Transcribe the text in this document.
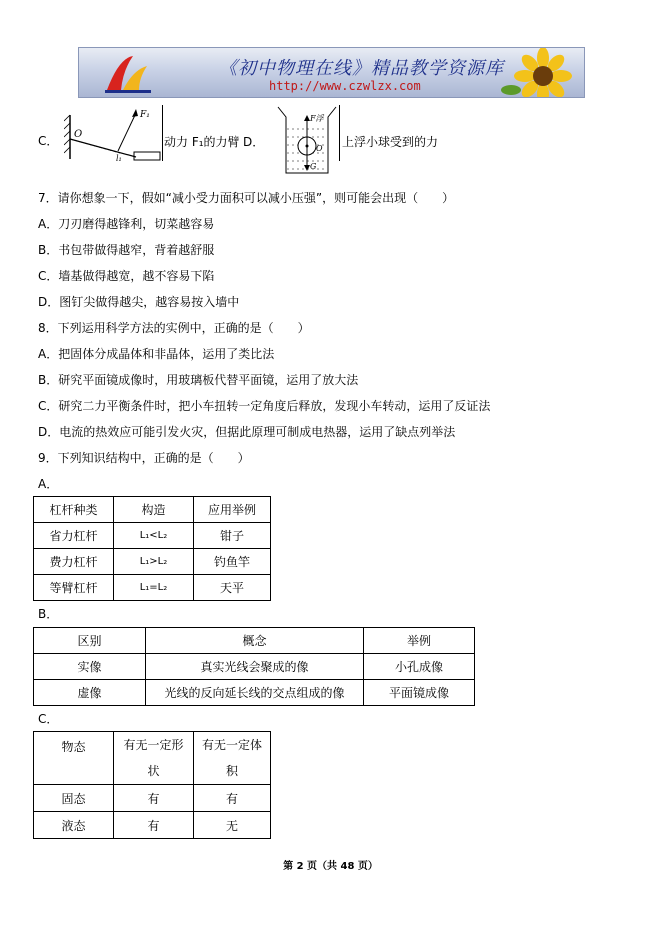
《初中物理在线》精品教学资源库
http://www.czwlzx.com
C．
F₁
O
l₁
动力 F₁的力臂 D．
F浮
O
G
上浮小球受到的力
7．请你想象一下，假如“减小受力面积可以减小压强”，则可能会出现（　　）
A．刀刃磨得越锋利，切菜越容易
B．书包带做得越窄，背着越舒服
C．墙基做得越宽，越不容易下陷
D．图钉尖做得越尖，越容易按入墙中
8．下列运用科学方法的实例中，正确的是（　　）
A．把固体分成晶体和非晶体，运用了类比法
B．研究平面镜成像时，用玻璃板代替平面镜，运用了放大法
C．研究二力平衡条件时，把小车扭转一定角度后释放，发现小车转动，运用了反证法
D．电流的热效应可能引发火灾，但据此原理可制成电热器，运用了缺点列举法
9．下列知识结构中，正确的是（　　）
A．
杠杆种类	构造	应用举例
省力杠杆	L₁<L₂	钳子
费力杠杆	L₁>L₂	钓鱼竿
等臂杠杆	L₁=L₂	天平
B．
区别	概念	举例
实像	真实光线会聚成的像	小孔成像
虚像	光线的反向延长线的交点组成的像	平面镜成像
C．
物态	有无一定形状	有无一定体积
固态	有	有
液态	有	无
第 2 页（共 48 页）
